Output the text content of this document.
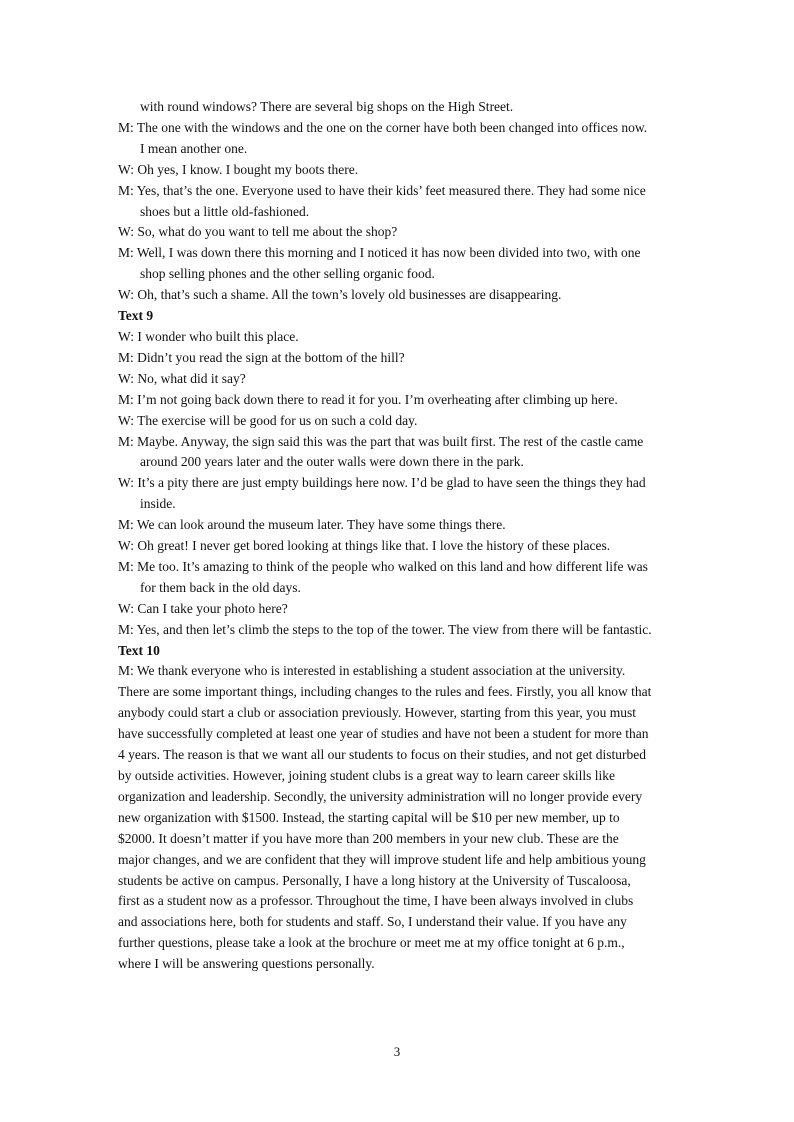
with round windows? There are several big shops on the High Street.
M: The one with the windows and the one on the corner have both been changed into offices now.
I mean another one.
W: Oh yes, I know. I bought my boots there.
M: Yes, that’s the one. Everyone used to have their kids’ feet measured there. They had some nice
shoes but a little old-fashioned.
W: So, what do you want to tell me about the shop?
M: Well, I was down there this morning and I noticed it has now been divided into two, with one
shop selling phones and the other selling organic food.
W: Oh, that’s such a shame. All the town’s lovely old businesses are disappearing.
Text 9
W: I wonder who built this place.
M: Didn’t you read the sign at the bottom of the hill?
W: No, what did it say?
M: I’m not going back down there to read it for you. I’m overheating after climbing up here.
W: The exercise will be good for us on such a cold day.
M: Maybe. Anyway, the sign said this was the part that was built first. The rest of the castle came
around 200 years later and the outer walls were down there in the park.
W: It’s a pity there are just empty buildings here now. I’d be glad to have seen the things they had
inside.
M: We can look around the museum later. They have some things there.
W: Oh great! I never get bored looking at things like that. I love the history of these places.
M: Me too. It’s amazing to think of the people who walked on this land and how different life was
for them back in the old days.
W: Can I take your photo here?
M: Yes, and then let’s climb the steps to the top of the tower. The view from there will be fantastic.
Text 10
M: We thank everyone who is interested in establishing a student association at the university.
There are some important things, including changes to the rules and fees. Firstly, you all know that
anybody could start a club or association previously. However, starting from this year, you must
have successfully completed at least one year of studies and have not been a student for more than
4 years. The reason is that we want all our students to focus on their studies, and not get disturbed
by outside activities. However, joining student clubs is a great way to learn career skills like
organization and leadership. Secondly, the university administration will no longer provide every
new organization with $1500. Instead, the starting capital will be $10 per new member, up to
$2000. It doesn’t matter if you have more than 200 members in your new club. These are the
major changes, and we are confident that they will improve student life and help ambitious young
students be active on campus. Personally, I have a long history at the University of Tuscaloosa,
first as a student now as a professor. Throughout the time, I have been always involved in clubs
and associations here, both for students and staff. So, I understand their value. If you have any
further questions, please take a look at the brochure or meet me at my office tonight at 6 p.m.,
where I will be answering questions personally.
3
